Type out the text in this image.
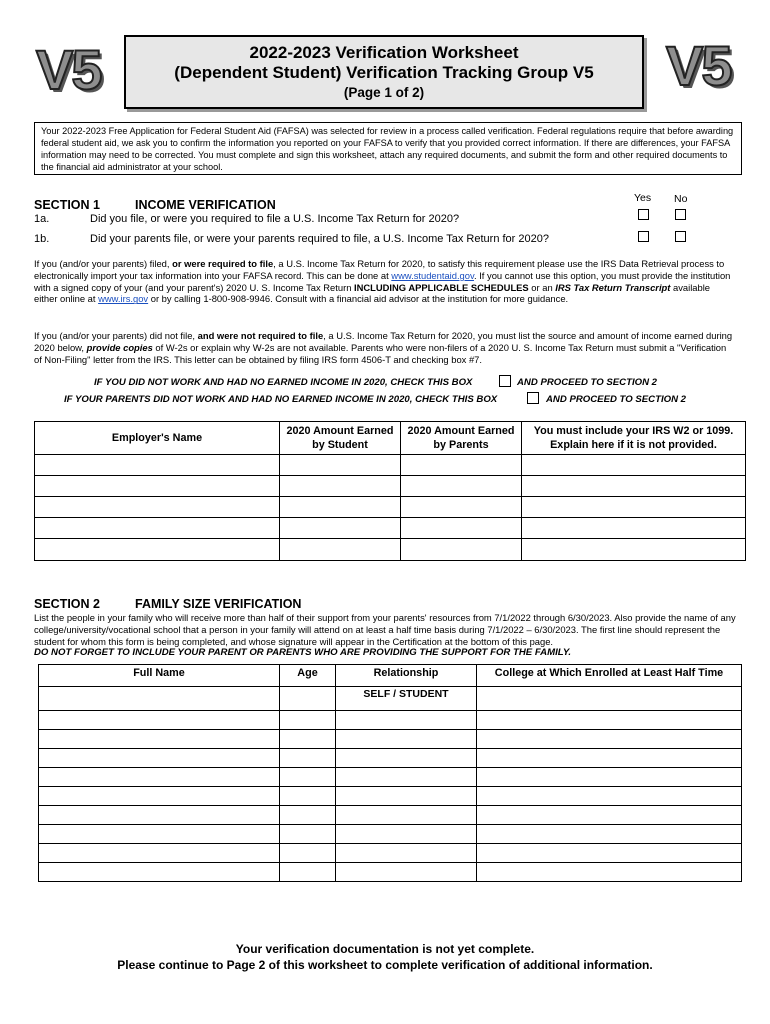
V5	V5
2022-2023 Verification Worksheet
(Dependent Student) Verification Tracking Group V5
(Page 1 of 2)
Your 2022-2023 Free Application for Federal Student Aid (FAFSA) was selected for review in a process called verification. Federal regulations require that before awarding federal student aid, we ask you to confirm the information you reported on your FAFSA to verify that you provided correct information. If there are differences, your FAFSA information may need to be corrected. You must complete and sign this worksheet, attach any required documents, and submit the form and other required documents to the financial aid administrator at your school.
SECTION 1	INCOME VERIFICATION	Yes No
1a.	Did you file, or were you required to file a U.S. Income Tax Return for 2020?
1b.	Did your parents file, or were your parents required to file, a U.S. Income Tax Return for 2020?
If you (and/or your parents) filed, or were required to file, a U.S. Income Tax Return for 2020, to satisfy this requirement please use the IRS Data Retrieval process to electronically import your tax information into your FAFSA record. This can be done at www.studentaid.gov. If you cannot use this option, you must provide the institution with a signed copy of your (and your parent's) 2020 U. S. Income Tax Return INCLUDING APPLICABLE SCHEDULES or an IRS Tax Return Transcript available either online at www.irs.gov or by calling 1-800-908-9946. Consult with a financial aid advisor at the institution for more guidance.
If you (and/or your parents) did not file, and were not required to file, a U.S. Income Tax Return for 2020, you must list the source and amount of income earned during 2020 below, provide copies of W-2s or explain why W-2s are not available. Parents who were non-filers of a 2020 U. S. Income Tax Return must submit a "Verification of Non-Filing" letter from the IRS. This letter can be obtained by filing IRS form 4506-T and checking box #7.
IF YOU DID NOT WORK AND HAD NO EARNED INCOME IN 2020, CHECK THIS BOX	AND PROCEED TO SECTION 2
IF YOUR PARENTS DID NOT WORK AND HAD NO EARNED INCOME IN 2020, CHECK THIS BOX	AND PROCEED TO SECTION 2
Employer's Name	2020 Amount Earned by Student	2020 Amount Earned by Parents	You must include your IRS W2 or 1099. Explain here if it is not provided.

SECTION 2	FAMILY SIZE VERIFICATION
List the people in your family who will receive more than half of their support from your parents' resources from 7/1/2022 through 6/30/2023. Also provide the name of any college/university/vocational school that a person in your family will attend on at least a half time basis during 7/1/2022 – 6/30/2023. The first line should represent the student for whom this form is being completed, and whose signature will appear in the Certification at the bottom of this page.
DO NOT FORGET TO INCLUDE YOUR PARENT OR PARENTS WHO ARE PROVIDING THE SUPPORT FOR THE FAMILY.
Full Name	Age	Relationship	College at Which Enrolled at Least Half Time
		SELF / STUDENT	

Your verification documentation is not yet complete.
Please continue to Page 2 of this worksheet to complete verification of additional information.
